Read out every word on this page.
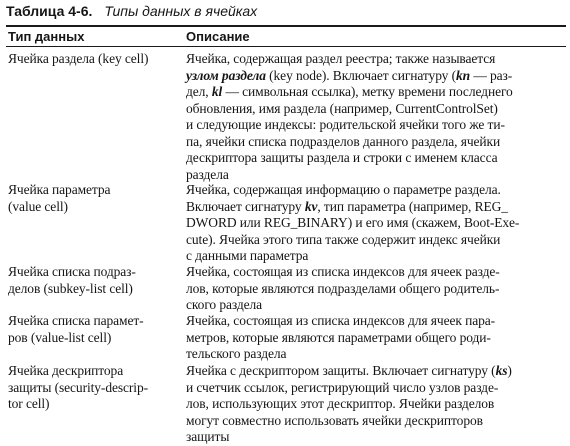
Таблица 4-6. Типы данных в ячейках
Тип данных	Описание
Ячейка раздела (key cell)	Ячейка, содержащая раздел реестра; также называется
узлом раздела (key node). Включает сигнатуру (kn — раз-
дел, kl — символьная ссылка), метку времени последнего
обновления, имя раздела (например, CurrentControlSet)
и следующие индексы: родительской ячейки того же ти-
па, ячейки списка подразделов данного раздела, ячейки
дескриптора защиты раздела и строки с именем класса
раздела
Ячейка параметра
(value cell)
Ячейка, содержащая информацию о параметре раздела.
Включает сигнатуру kv, тип параметра (например, REG_
DWORD или REG_BINARY) и его имя (скажем, Boot-Exe-
cute). Ячейка этого типа также содержит индекс ячейки
с данными параметра
Ячейка списка подраз-
делов (subkey-list cell)
Ячейка, состоящая из списка индексов для ячеек разде-
лов, которые являются подразделами общего родитель-
ского раздела
Ячейка списка парамет-
ров (value-list cell)
Ячейка, состоящая из списка индексов для ячеек пара-
метров, которые являются параметрами общего роди-
тельского раздела
Ячейка дескриптора
защиты (security-descrip-
tor cell)
Ячейка с дескриптором защиты. Включает сигнатуру (ks)
и счетчик ссылок, регистрирующий число узлов разде-
лов, использующих этот дескриптор. Ячейки разделов
могут совместно использовать ячейки дескрипторов
защиты
